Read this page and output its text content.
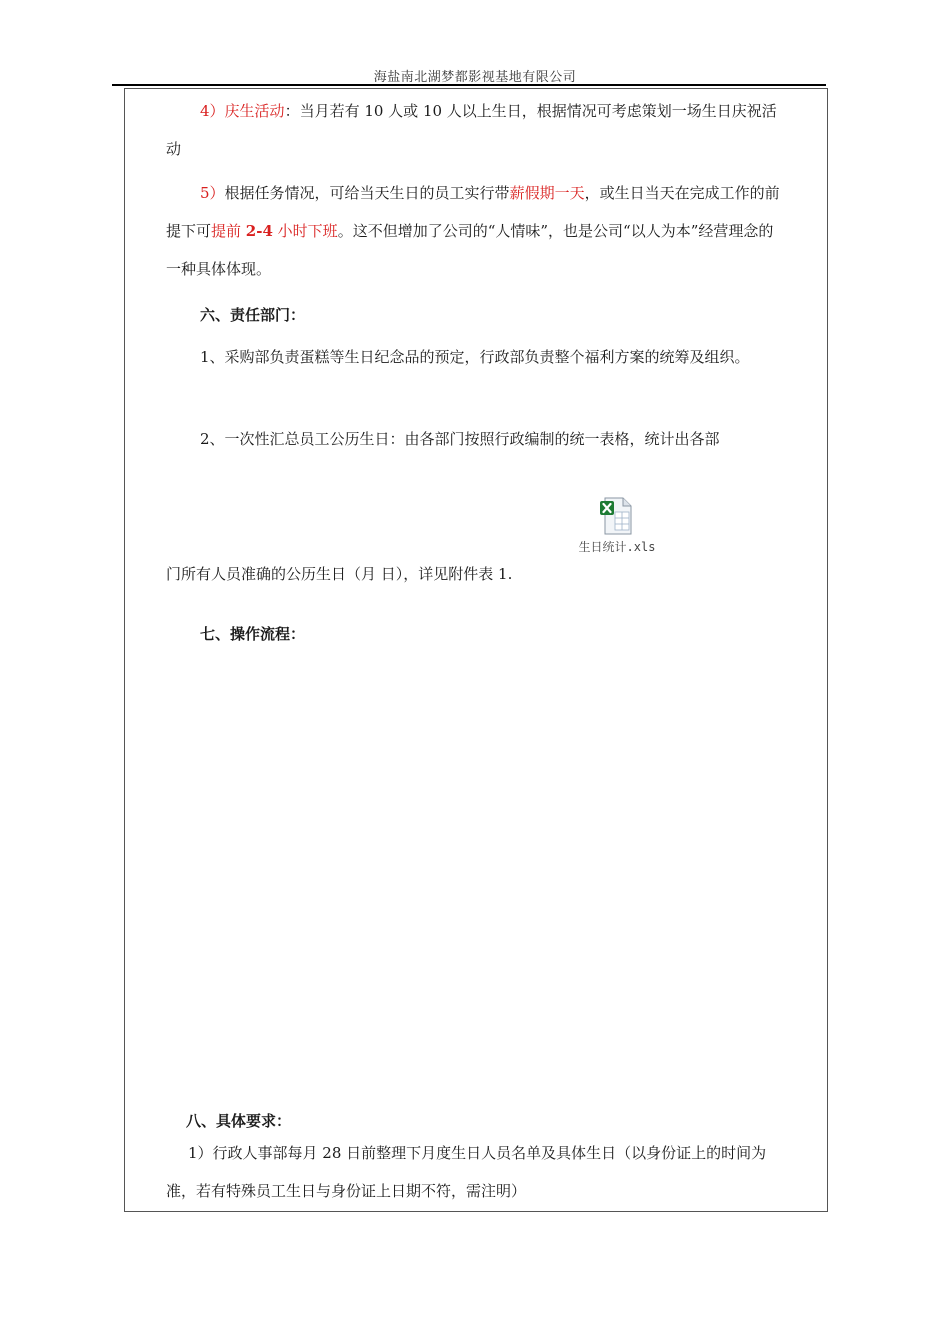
海盐南北湖梦都影视基地有限公司

4）庆生活动：当月若有 10 人或 10 人以上生日，根据情况可考虑策划一场生日庆祝活动

5）根据任务情况，可给当天生日的员工实行带薪假期一天，或生日当天在完成工作的前提下可提前 2-4 小时下班。这不但增加了公司的“人情味”，也是公司“以人为本”经营理念的一种具体体现。

六、责任部门：

1、采购部负责蛋糕等生日纪念品的预定，行政部负责整个福利方案的统筹及组织。

2、一次性汇总员工公历生日：由各部门按照行政编制的统一表格，统计出各部

生日统计.xls

门所有人员准确的公历生日（月 日），详见附件表 1.

七、操作流程：

八、具体要求：

1）行政人事部每月 28 日前整理下月度生日人员名单及具体生日（以身份证上的时间为准，若有特殊员工生日与身份证上日期不符，需注明）
